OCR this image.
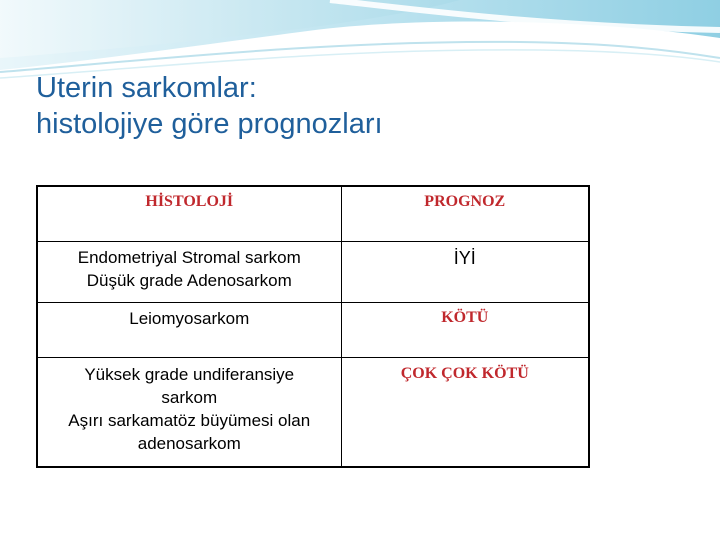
Uterin sarkomlar:
histolojiye göre prognozları
HİSTOLOJİ	PROGNOZ

Endometriyal Stromal sarkom
Düşük grade Adenosarkom	İYİ

Leiomyosarkom	KÖTÜ

Yüksek grade undiferansiye
sarkom
Aşırı sarkamatöz büyümesi olan
adenosarkom	ÇOK ÇOK KÖTÜ
